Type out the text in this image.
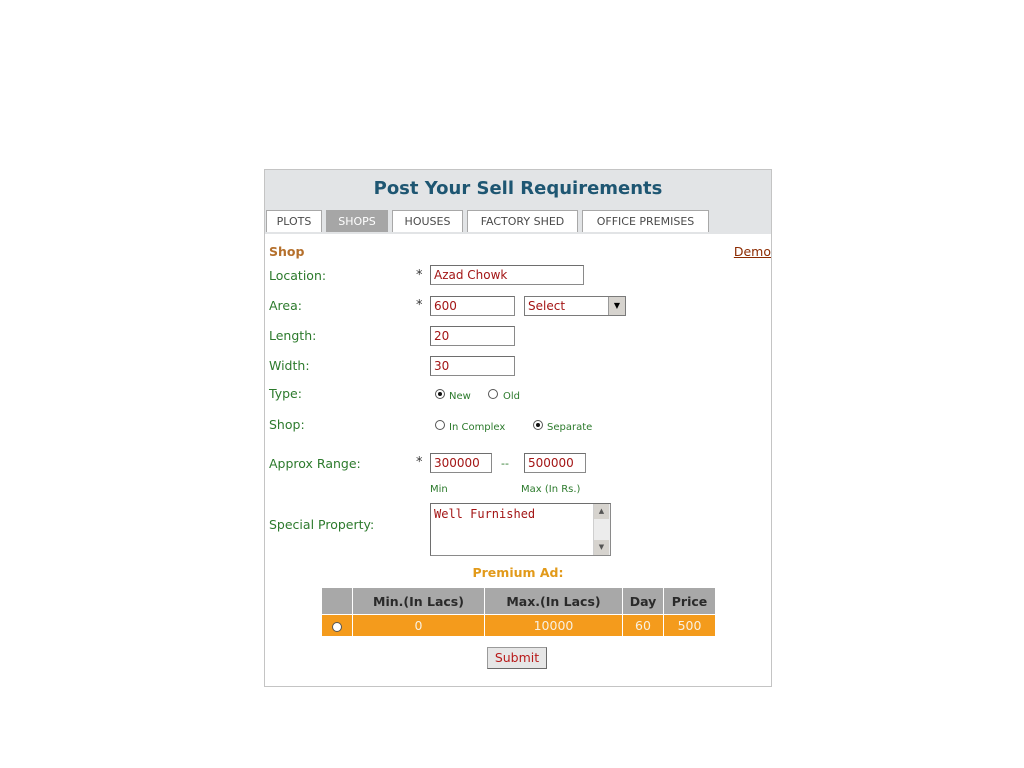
Post Your Sell Requirements
PLOTS	SHOPS	HOUSES	FACTORY SHED	OFFICE PREMISES
Shop	Demo
Location:	* Azad Chowk
Area:	* 600	Select	▼
Length:	20
Width:	30
Type:	New	Old
Shop:	In Complex	Separate
Approx Range:	* 300000	--	500000
Min	Max (In Rs.)
Special Property:
Well Furnished	▲
▼
Premium Ad:
	Min.(In Lacs)	Max.(In Lacs)	Day	Price
	0	10000	60	500
Submit
